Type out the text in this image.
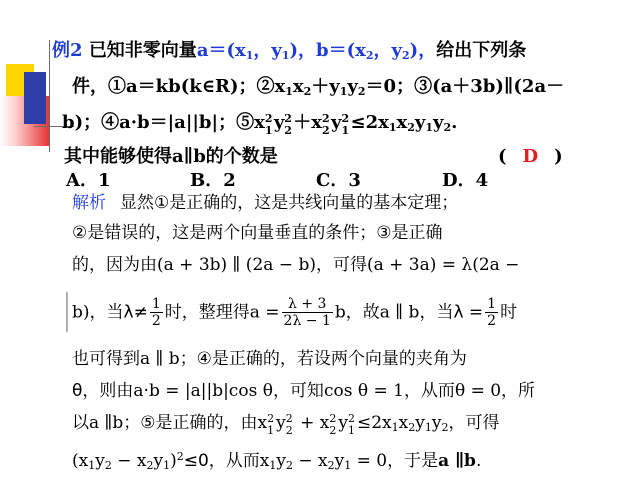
例2 已知非零向量$a=(x_1$，$y_1$)，$b=(x_2$，$y_2$)，给出下列条
件，①a＝kb(k∈R)；$②x_1x_2+y_1y_2=0$；③(a＋3b)∥(2a－
b)；④a·b＝|a||b|；⑤x 2
1 y 2
2 ＋x 2
2 y 2
$1 \le 2x_1x_2y_1y_2$.
其中能够使得a∥b的个数是	( D )
A．1	B．2	C．3	D．4
解析 显然①是正确的，这是共线向量的基本定理；
②是错误的，这是两个向量垂直的条件；③是正确
的，因为由(a + 3b) ∥ (2a − b)，可得(a + 3a) = λ(2a −
b)，当$\lambda\ne \frac{1}{2}$ 时，整理得$a = \frac{\lambda + 3}{2\lambda - 1}$ b，故a ∥ b，当$\lambda = \frac{1}{2}$ 时
也可得到a ∥ b；④是正确的，若设两个向量的夹角为
θ，则由a·b = |a||b|cos θ，可知cos θ = 1，从而θ = 0，所
以a ∥b；⑤是正确的，由x 2
1 y 2
2 + x 2
2 y 2
$1 \le 2x_1x_2y_1y_2$，可得
$(x_1y_2 - x_2y_1)^2\le 0$，从而$x_1y_2 - x_2y_1 = 0$，于是a ∥b.
